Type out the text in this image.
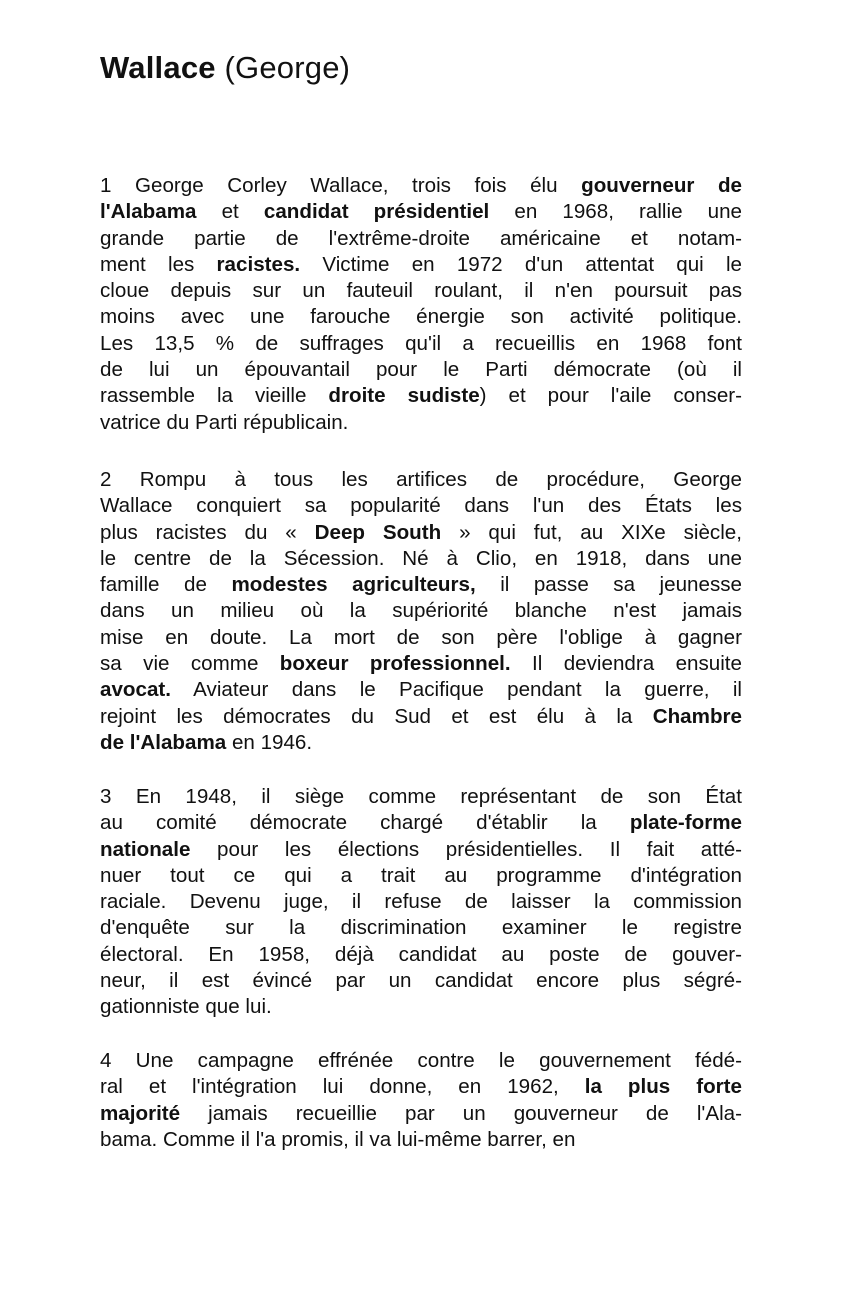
Wallace (George)
1 George Corley Wallace, trois fois élu gouverneur de
l'Alabama et candidat présidentiel en 1968, rallie une
grande partie de l'extrême-droite américaine et notam-
ment les racistes. Victime en 1972 d'un attentat qui le
cloue depuis sur un fauteuil roulant, il n'en poursuit pas
moins avec une farouche énergie son activité politique.
Les 13,5 % de suffrages qu'il a recueillis en 1968 font
de lui un épouvantail pour le Parti démocrate (où il
rassemble la vieille droite sudiste) et pour l'aile conser-
vatrice du Parti républicain.
2 Rompu à tous les artifices de procédure, George
Wallace conquiert sa popularité dans l'un des États les
plus racistes du « Deep South » qui fut, au XIXe siècle,
le centre de la Sécession. Né à Clio, en 1918, dans une
famille de modestes agriculteurs, il passe sa jeunesse
dans un milieu où la supériorité blanche n'est jamais
mise en doute. La mort de son père l'oblige à gagner
sa vie comme boxeur professionnel. Il deviendra ensuite
avocat. Aviateur dans le Pacifique pendant la guerre, il
rejoint les démocrates du Sud et est élu à la Chambre
de l'Alabama en 1946.
3 En 1948, il siège comme représentant de son État
au comité démocrate chargé d'établir la plate-forme
nationale pour les élections présidentielles. Il fait atté-
nuer tout ce qui a trait au programme d'intégration
raciale. Devenu juge, il refuse de laisser la commission
d'enquête sur la discrimination examiner le registre
électoral. En 1958, déjà candidat au poste de gouver-
neur, il est évincé par un candidat encore plus ségré-
gationniste que lui.
4 Une campagne effrénée contre le gouvernement fédé-
ral et l'intégration lui donne, en 1962, la plus forte
majorité jamais recueillie par un gouverneur de l'Ala-
bama. Comme il l'a promis, il va lui-même barrer, en
